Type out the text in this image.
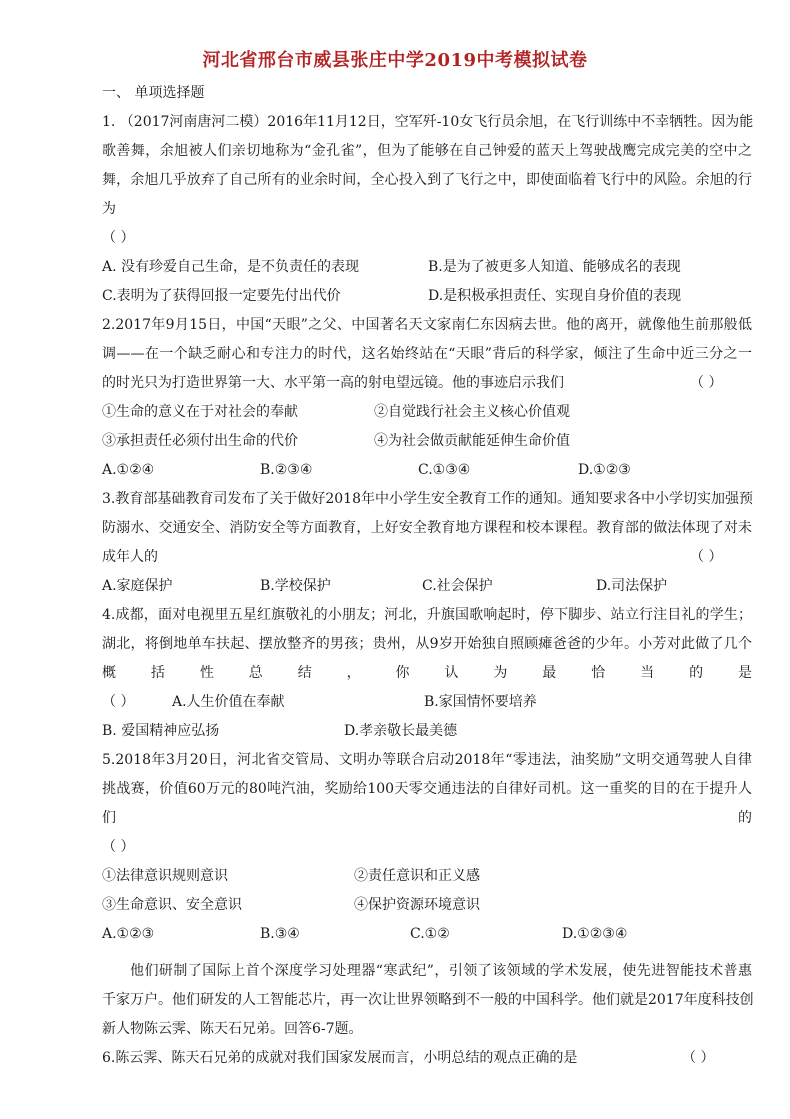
河北省邢台市威县张庄中学2019中考模拟试卷
一、 单项选择题
1. （2017河南唐河二模）2016年11月12日，空军歼-10女飞行员余旭，在飞行训练中不幸牺牲。因为能
歌善舞，余旭被人们亲切地称为“金孔雀”，但为了能够在自己钟爱的蓝天上驾驶战鹰完成完美的空中之
舞，余旭几乎放弃了自己所有的业余时间，全心投入到了飞行之中，即使面临着飞行中的风险。余旭的行
为
（ ）
A. 没有珍爱自己生命，是不负责任的表现	B.是为了被更多人知道、能够成名的表现
C.表明为了获得回报一定要先付出代价	D.是积极承担责任、实现自身价值的表现
2.2017年9月15日，中国“天眼”之父、中国著名天文家南仁东因病去世。他的离开，就像他生前那般低
调——在一个缺乏耐心和专注力的时代，这名始终站在“天眼”背后的科学家，倾注了生命中近三分之一
的时光只为打造世界第一大、水平第一高的射电望远镜。他的事迹启示我们	（ ）
①生命的意义在于对社会的奉献	②自觉践行社会主义核心价值观
③承担责任必须付出生命的代价	④为社会做贡献能延伸生命价值
A.①②④	B.②③④	C.①③④	D.①②③
3.教育部基础教育司发布了关于做好2018年中小学生安全教育工作的通知。通知要求各中小学切实加强预
防溺水、交通安全、消防安全等方面教育，上好安全教育地方课程和校本课程。教育部的做法体现了对未
成年人的	（ ）
A.家庭保护	B.学校保护	C.社会保护	D.司法保护
4.成都，面对电视里五星红旗敬礼的小朋友；河北，升旗国歌响起时，停下脚步、站立行注目礼的学生；
湖北，将倒地单车扶起、摆放整齐的男孩；贵州，从9岁开始独自照顾瘫爸爸的少年。小芳对此做了几个
概 括 性 总 结 ， 你 认 为 最 恰 当 的 是
（ ）	A.人生价值在奉献	B.家国情怀要培养
B. 爱国精神应弘扬	D.孝亲敬长最美德
5.2018年3月20日，河北省交管局、文明办等联合启动2018年“零违法，油奖励”文明交通驾驶人自律
挑战赛，价值60万元的80吨汽油，奖励给100天零交通违法的自律好司机。这一重奖的目的在于提升人
们	的
（ ）
①法律意识规则意识	②责任意识和正义感
③生命意识、安全意识	④保护资源环境意识
A.①②③	B.③④	C.①②	D.①②③④
他们研制了国际上首个深度学习处理器“寒武纪”，引领了该领域的学术发展，使先进智能技术普惠
千家万户。他们研发的人工智能芯片，再一次让世界领略到不一般的中国科学。他们就是2017年度科技创
新人物陈云霁、陈天石兄弟。回答6-7题。
6.陈云霁、陈天石兄弟的成就对我们国家发展而言，小明总结的观点正确的是	（ ）
